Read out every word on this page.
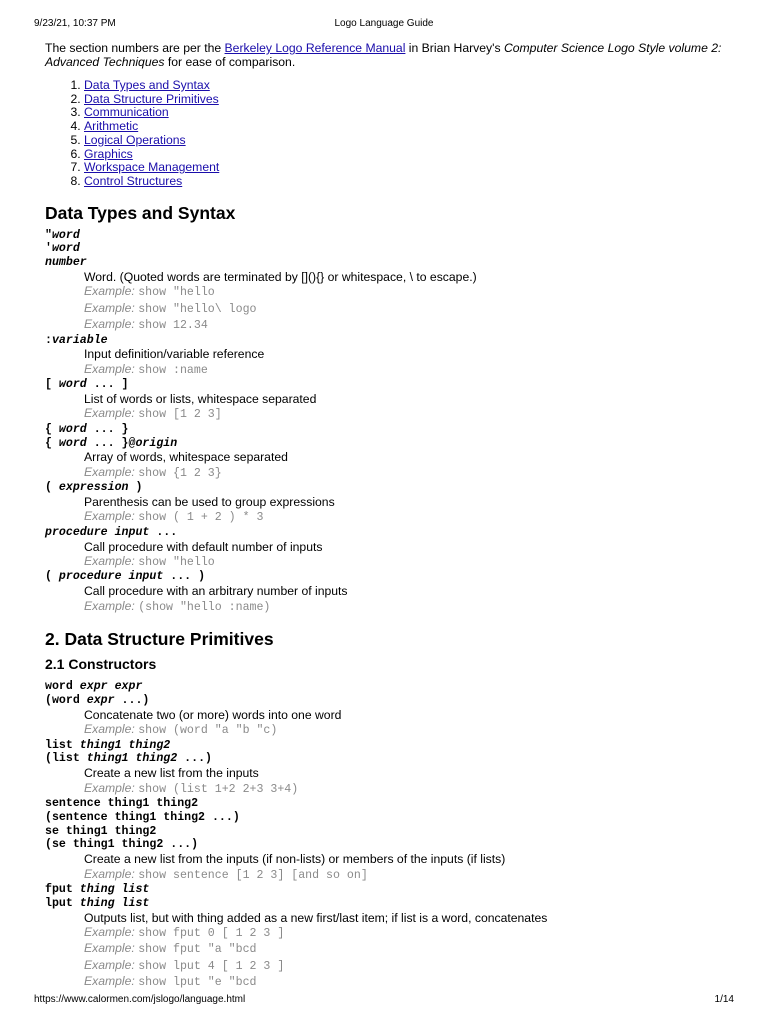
9/23/21, 10:37 PM	Logo Language Guide

The section numbers are per the Berkeley Logo Reference Manual in Brian Harvey's Computer Science Logo Style volume 2: Advanced Techniques for ease of comparison.

1. Data Types and Syntax
2. Data Structure Primitives
3. Communication
4. Arithmetic
5. Logical Operations
6. Graphics
7. Workspace Management
8. Control Structures
Data Types and Syntax
"word
'word
number
Word. (Quoted words are terminated by [](){} or whitespace, \ to escape.)
Example: show "hello
Example: show "hello\ logo
Example: show 12.34
:variable
Input definition/variable reference
Example: show :name
[ word ... ]
List of words or lists, whitespace separated
Example: show [1 2 3]
{ word ... }
{ word ... }@origin
Array of words, whitespace separated
Example: show {1 2 3}
( expression )
Parenthesis can be used to group expressions
Example: show ( 1 + 2 ) * 3
procedure input ...
Call procedure with default number of inputs
Example: show "hello
( procedure input ... )
Call procedure with an arbitrary number of inputs
Example: (show "hello :name)
2. Data Structure Primitives
2.1 Constructors
word expr expr
(word expr ...)
Concatenate two (or more) words into one word
Example: show (word "a "b "c)
list thing1 thing2
(list thing1 thing2 ...)
Create a new list from the inputs
Example: show (list 1+2 2+3 3+4)
sentence thing1 thing2
(sentence thing1 thing2 ...)
se thing1 thing2
(se thing1 thing2 ...)
Create a new list from the inputs (if non-lists) or members of the inputs (if lists)
Example: show sentence [1 2 3] [and so on]
fput thing list
lput thing list
Outputs list, but with thing added as a new first/last item; if list is a word, concatenates
Example: show fput 0 [ 1 2 3 ]
Example: show fput "a "bcd
Example: show lput 4 [ 1 2 3 ]
Example: show lput "e "bcd
https://www.calormen.com/jslogo/language.html	1/14
